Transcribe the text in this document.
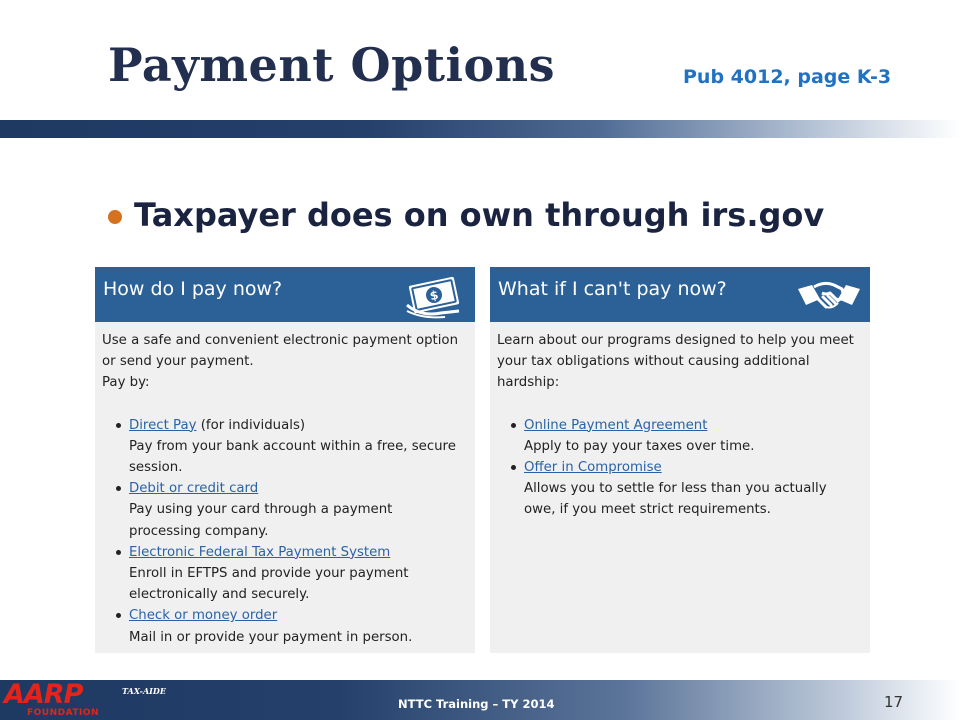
Payment Options	Pub 4012, page K-3
Taxpayer does on own through irs.gov
How do I pay now?	$

Use a safe and convenient electronic payment option or send your payment.

Pay by:

Direct Pay (for individuals)
Pay from your bank account within a free, secure session.
Debit or credit card
Pay using your card through a payment processing company.
Electronic Federal Tax Payment System
Enroll in EFTPS and provide your payment electronically and securely.
Check or money order
Mail in or provide your payment in person.
What if I can't pay now?

Learn about our programs designed to help you meet your tax obligations without causing additional hardship:

Online Payment Agreement
Apply to pay your taxes over time.
Offer in Compromise
Allows you to settle for less than you actually owe, if you meet strict requirements.
AARP
FOUNDATION
TAX-AIDE
NTTC Training – TY 2014	17
